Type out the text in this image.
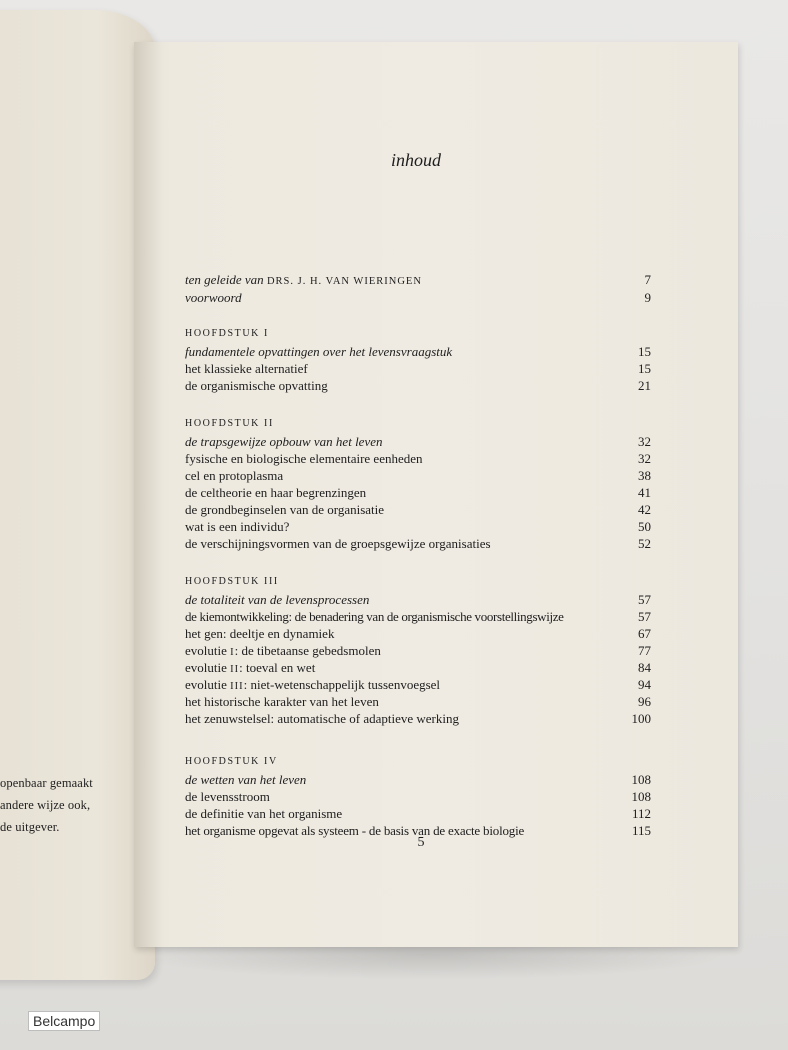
openbaar gemaakt
andere wijze ook,
de uitgever.
inhoud
ten geleide van DRS. J. H. VAN WIERINGEN	7
voorwoord	9
HOOFDSTUK I
fundamentele opvattingen over het levensvraagstuk	15
het klassieke alternatief	15
de organismische opvatting	21
HOOFDSTUK II
de trapsgewijze opbouw van het leven	32
fysische en biologische elementaire eenheden	32
cel en protoplasma	38
de celtheorie en haar begrenzingen	41
de grondbeginselen van de organisatie	42
wat is een individu?	50
de verschijningsvormen van de groepsgewijze organisaties	52
HOOFDSTUK III
de totaliteit van de levensprocessen	57
de kiemontwikkeling: de benadering van de organismische voorstellingswijze	57
het gen: deeltje en dynamiek	67
evolutie I: de tibetaanse gebedsmolen	77
evolutie II: toeval en wet	84
evolutie III: niet-wetenschappelijk tussenvoegsel	94
het historische karakter van het leven	96
het zenuwstelsel: automatische of adaptieve werking	100
HOOFDSTUK IV
de wetten van het leven	108
de levensstroom	108
de definitie van het organisme	112
het organisme opgevat als systeem - de basis van de exacte biologie	115
5
Belcampo
